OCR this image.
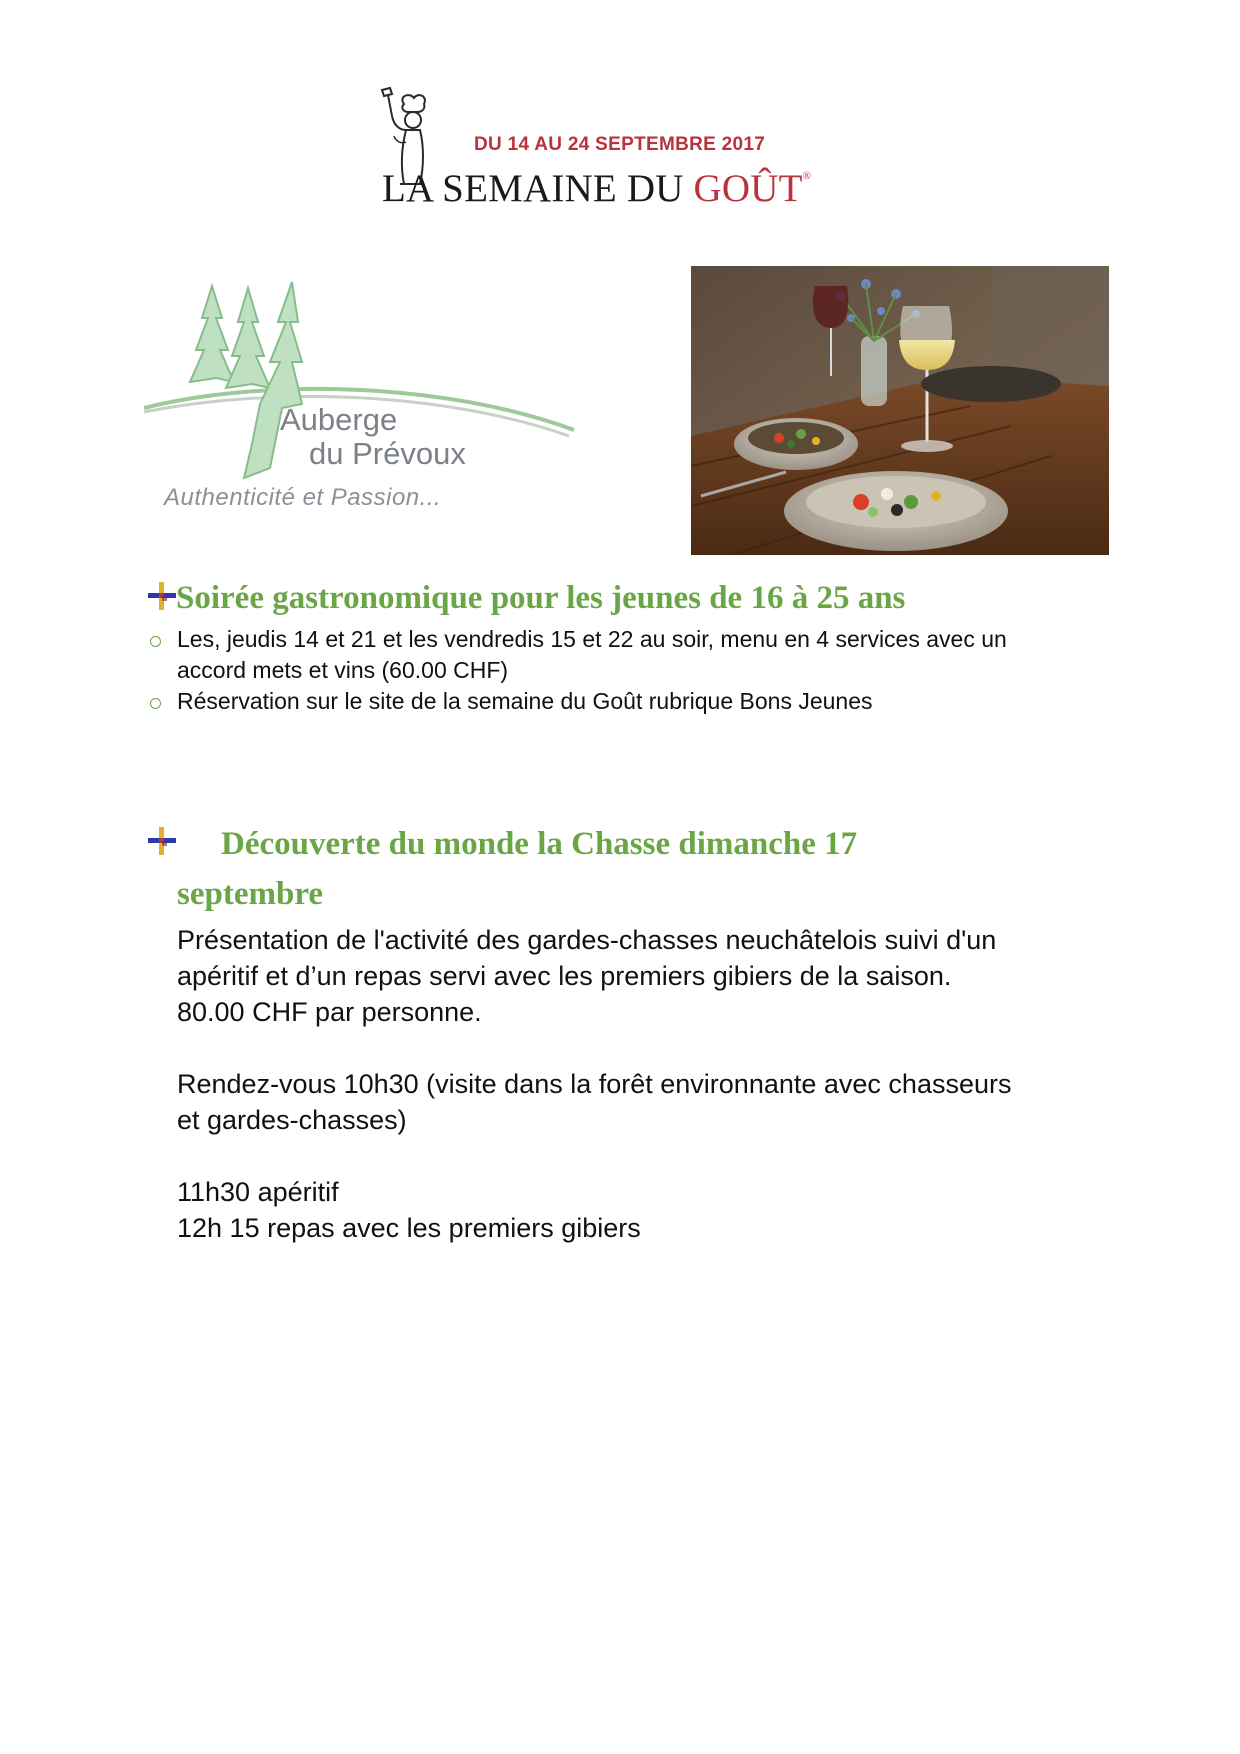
DU 14 AU 24 SEPTEMBRE 2017
LA SEMAINE DU GOÛT®
Auberge
du Prévoux
Authenticité et Passion...
Soirée gastronomique pour les jeunes de 16 à 25 ans
Les, jeudis 14 et 21 et les vendredis 15 et 22 au soir, menu en 4 services avec un
accord mets et vins (60.00 CHF)
Réservation sur le site de la semaine du Goût rubrique Bons Jeunes
Découverte du monde la Chasse dimanche 17
septembre
Présentation de l'activité des gardes-chasses neuchâtelois suivi d'un
apéritif et d’un repas servi avec les premiers gibiers de la saison.
80.00 CHF par personne.
Rendez-vous 10h30 (visite dans la forêt environnante avec chasseurs
et gardes-chasses)
11h30 apéritif
12h 15 repas avec les premiers gibiers
